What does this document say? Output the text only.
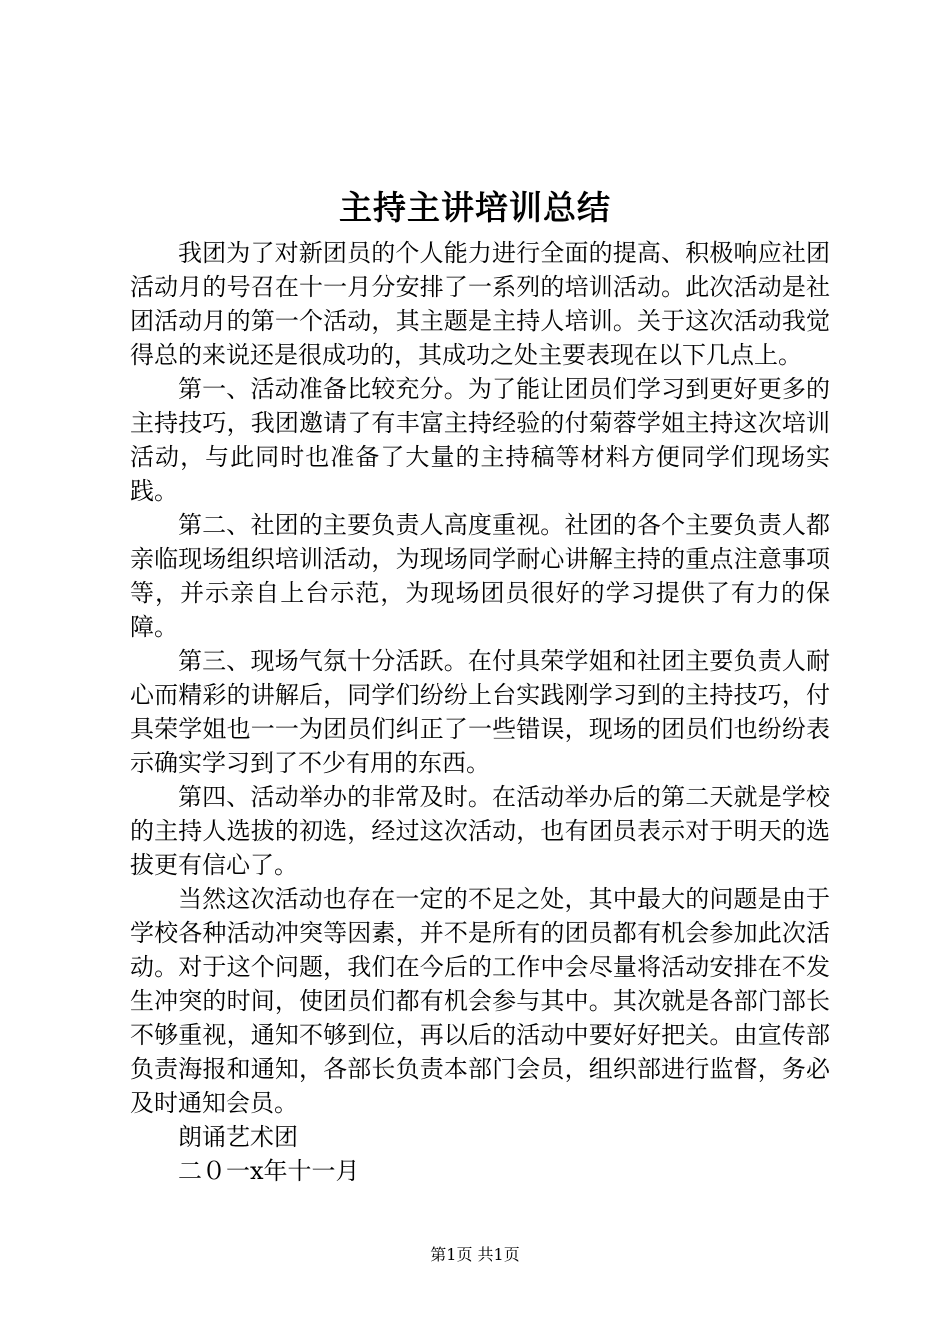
主持主讲培训总结

我团为了对新团员的个人能力进行全面的提高、积极响应社团活动月的号召在十一月分安排了一系列的培训活动。此次活动是社团活动月的第一个活动，其主题是主持人培训。关于这次活动我觉得总的来说还是很成功的，其成功之处主要表现在以下几点上。

第一、活动准备比较充分。为了能让团员们学习到更好更多的主持技巧，我团邀请了有丰富主持经验的付菊蓉学姐主持这次培训活动，与此同时也准备了大量的主持稿等材料方便同学们现场实践。

第二、社团的主要负责人高度重视。社团的各个主要负责人都亲临现场组织培训活动，为现场同学耐心讲解主持的重点注意事项等，并示亲自上台示范，为现场团员很好的学习提供了有力的保障。

第三、现场气氛十分活跃。在付具荣学姐和社团主要负责人耐心而精彩的讲解后，同学们纷纷上台实践刚学习到的主持技巧，付具荣学姐也一一为团员们纠正了一些错误，现场的团员们也纷纷表示确实学习到了不少有用的东西。

第四、活动举办的非常及时。在活动举办后的第二天就是学校的主持人选拔的初选，经过这次活动，也有团员表示对于明天的选拔更有信心了。

当然这次活动也存在一定的不足之处，其中最大的问题是由于学校各种活动冲突等因素，并不是所有的团员都有机会参加此次活动。对于这个问题，我们在今后的工作中会尽量将活动安排在不发生冲突的时间，使团员们都有机会参与其中。其次就是各部门部长不够重视，通知不够到位，再以后的活动中要好好把关。由宣传部负责海报和通知，各部长负责本部门会员，组织部进行监督，务必及时通知会员。

朗诵艺术团

二０一x年十一月

第1页 共1页
